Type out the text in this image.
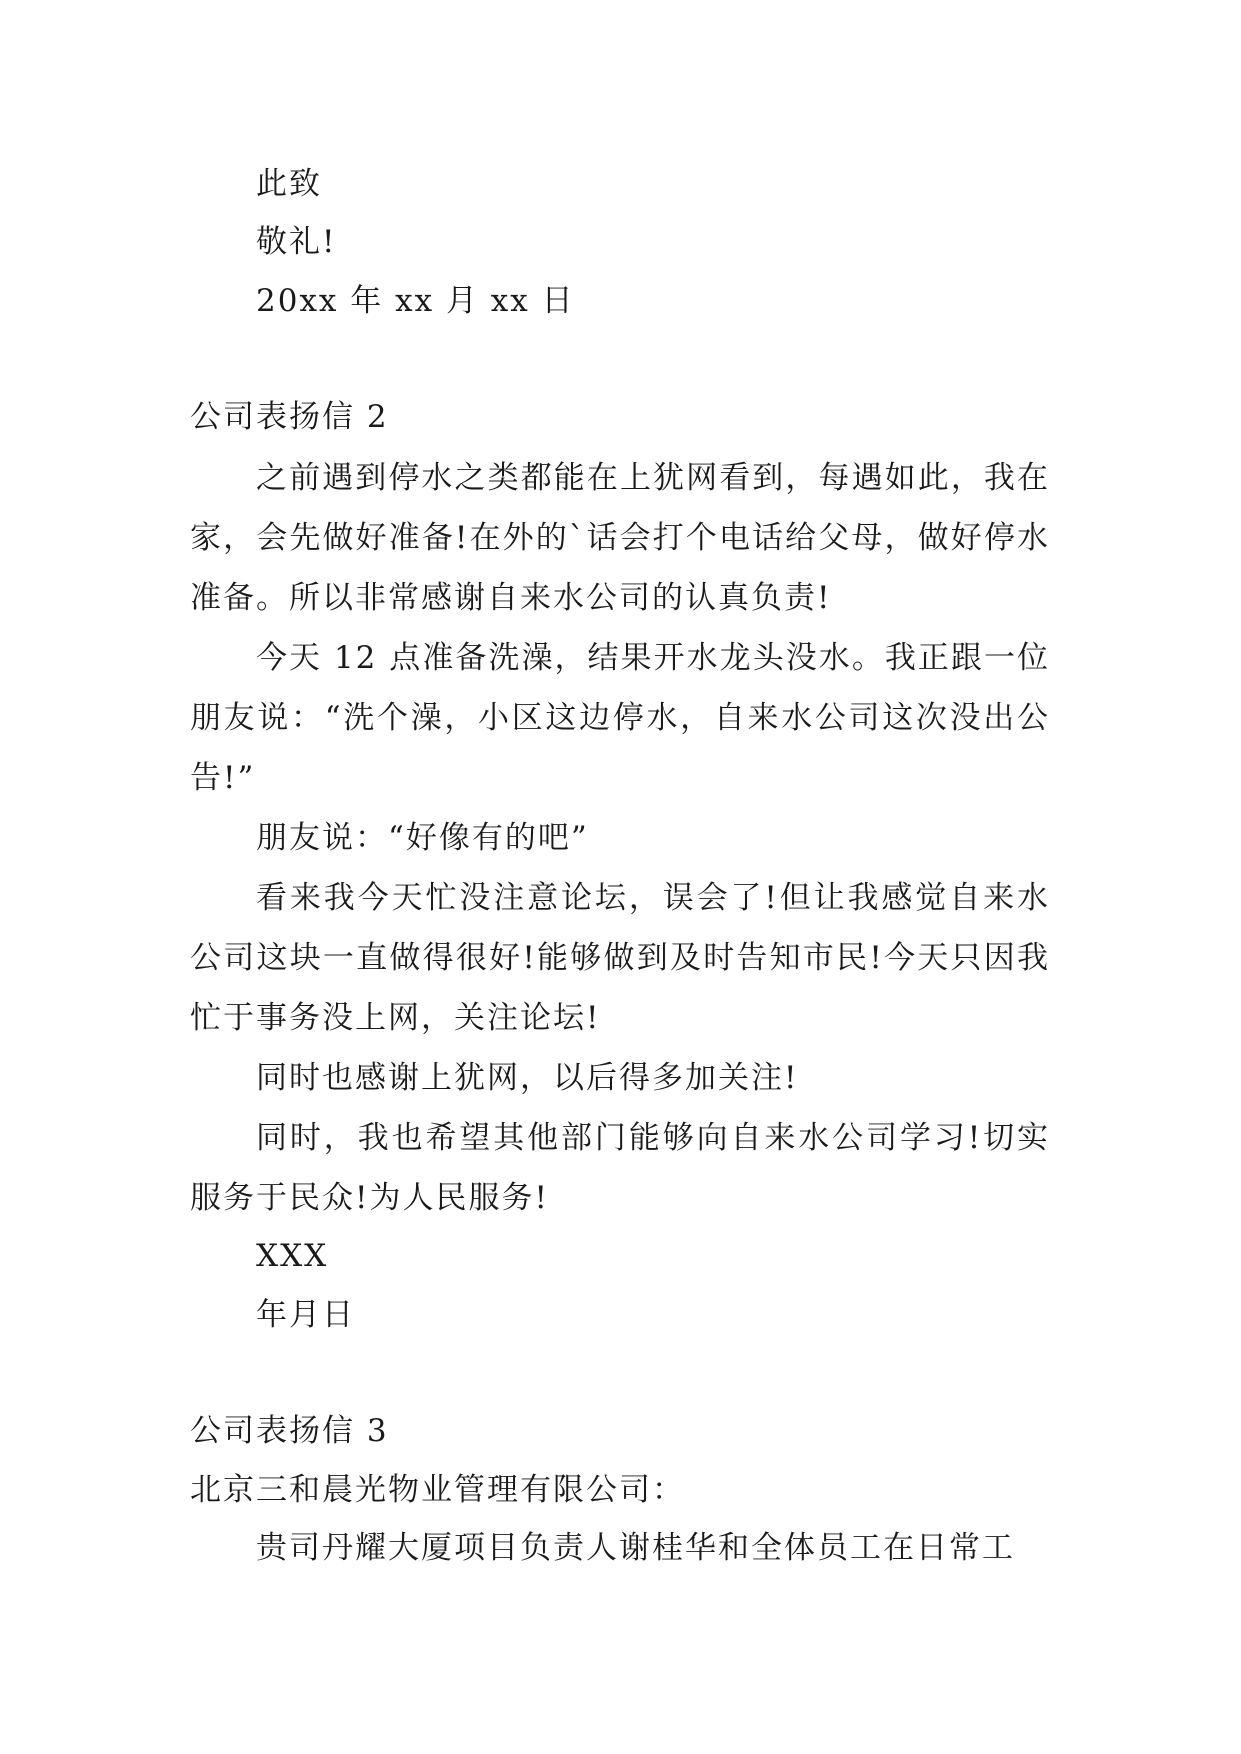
此致
敬礼!
20xx 年 xx 月 xx 日
公司表扬信 2
之前遇到停水之类都能在上犹网看到，每遇如此，我在家，会先做好准备!在外的`话会打个电话给父母，做好停水准备。所以非常感谢自来水公司的认真负责!
今天 12 点准备洗澡，结果开水龙头没水。我正跟一位朋友说：“洗个澡，小区这边停水，自来水公司这次没出公告!”
朋友说：“好像有的吧”
看来我今天忙没注意论坛，误会了!但让我感觉自来水公司这块一直做得很好!能够做到及时告知市民!今天只因我忙于事务没上网，关注论坛!
同时也感谢上犹网，以后得多加关注!
同时，我也希望其他部门能够向自来水公司学习!切实服务于民众!为人民服务!
XXX
年月日
公司表扬信 3
北京三和晨光物业管理有限公司：
贵司丹耀大厦项目负责人谢桂华和全体员工在日常工
